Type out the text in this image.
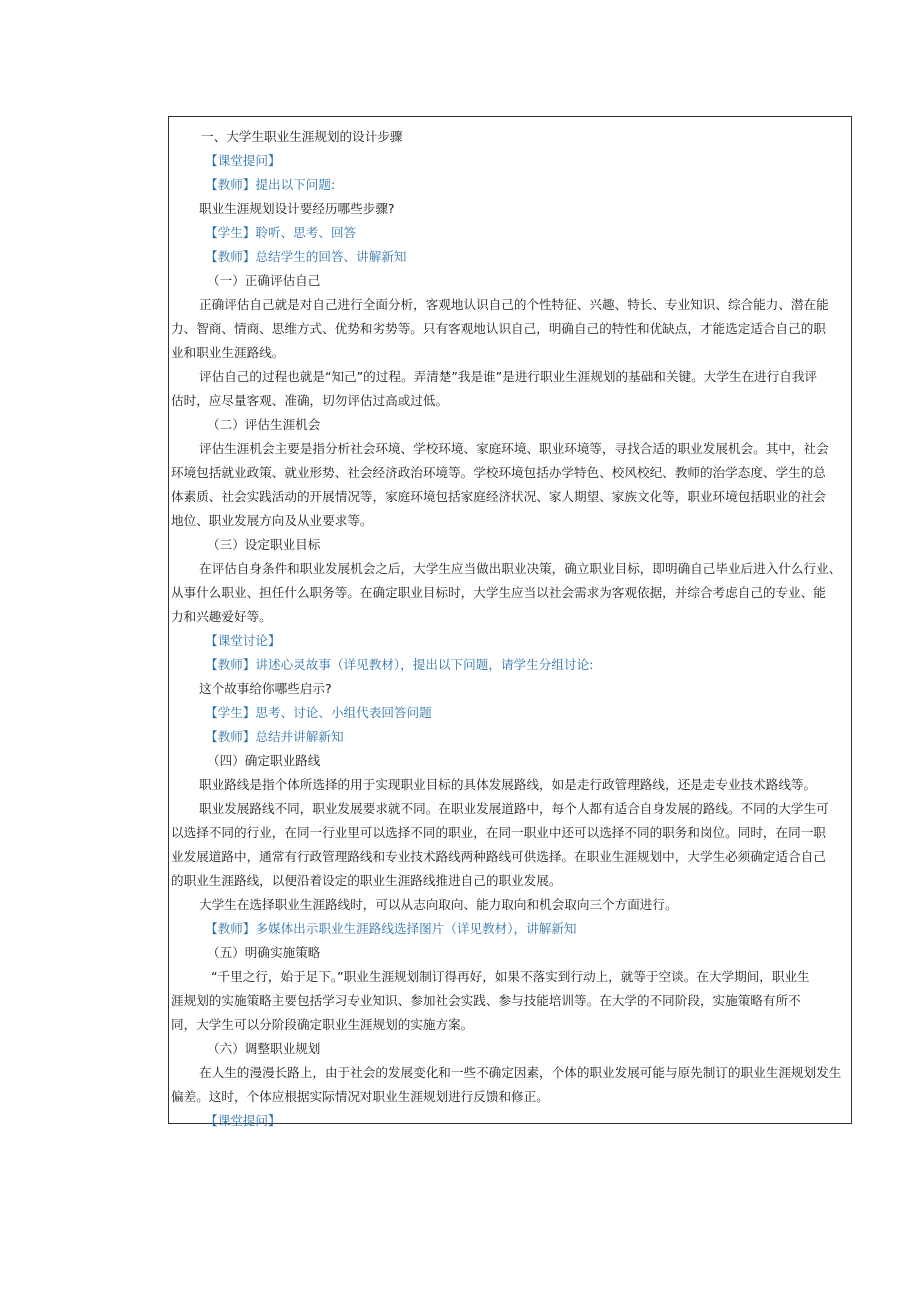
一、大学生职业生涯规划的设计步骤
【课堂提问】
【教师】提出以下问题:
职业生涯规划设计要经历哪些步骤?
【学生】聆听、思考、回答
【教师】总结学生的回答、讲解新知
（一）正确评估自己
正确评估自己就是对自己进行全面分析，客观地认识自己的个性特征、兴趣、特长、专业知识、综合能力、潜在能
力、智商、情商、思维方式、优势和劣势等。只有客观地认识自己，明确自己的特性和优缺点，才能选定适合自己的职
业和职业生涯路线。
评估自己的过程也就是“知己”的过程。弄清楚”我是谁”是进行职业生涯规划的基础和关键。大学生在进行自我评
估时，应尽量客观、准确，切勿评估过高或过低。
（二）评估生涯机会
评估生涯机会主要是指分析社会环境、学校环境、家庭环境、职业环境等，寻找合适的职业发展机会。其中，社会
环境包括就业政策、就业形势、社会经济政治环境等。学校环境包括办学特色、校风校纪、教师的治学态度、学生的总
体素质、社会实践活动的开展情况等，家庭环境包括家庭经济状况、家人期望、家族文化等，职业环境包括职业的社会
地位、职业发展方向及从业要求等。
（三）设定职业目标
在评估自身条件和职业发展机会之后，大学生应当做出职业决策，确立职业目标，即明确自己毕业后进入什么行业、
从事什么职业、担任什么职务等。在确定职业目标时，大学生应当以社会需求为客观依据，并综合考虑自己的专业、能
力和兴趣爱好等。
【课堂讨论】
【教师】讲述心灵故事（详见教材），提出以下问题，请学生分组讨论:
这个故事给你哪些启示?
【学生】思考、讨论、小组代表回答问题
【教师】总结并讲解新知
（四）确定职业路线
职业路线是指个体所选择的用于实现职业目标的具体发展路线，如是走行政管理路线，还是走专业技术路线等。
职业发展路线不同，职业发展要求就不同。在职业发展道路中，每个人都有适合自身发展的路线。不同的大学生可
以选择不同的行业，在同一行业里可以选择不同的职业，在同一职业中还可以选择不同的职务和岗位。同时，在同一职
业发展道路中，通常有行政管理路线和专业技术路线两种路线可供选择。在职业生涯规划中，大学生必须确定适合自己
的职业生涯路线，以便沿着设定的职业生涯路线推进自己的职业发展。
大学生在选择职业生涯路线时，可以从志向取向、能力取向和机会取向三个方面进行。
【教师】多媒体出示职业生涯路线选择图片（详见教材），讲解新知
（五）明确实施策略
“千里之行，始于足下。”职业生涯规划制订得再好，如果不落实到行动上，就等于空谈。在大学期间，职业生
涯规划的实施策略主要包括学习专业知识、参加社会实践、参与技能培训等。在大学的不同阶段，实施策略有所不
同，大学生可以分阶段确定职业生涯规划的实施方案。
（六）调整职业规划
在人生的漫漫长路上，由于社会的发展变化和一些不确定因素，个体的职业发展可能与原先制订的职业生涯规划发生
偏差。这时，个体应根据实际情况对职业生涯规划进行反馈和修正。
【课堂提问】
